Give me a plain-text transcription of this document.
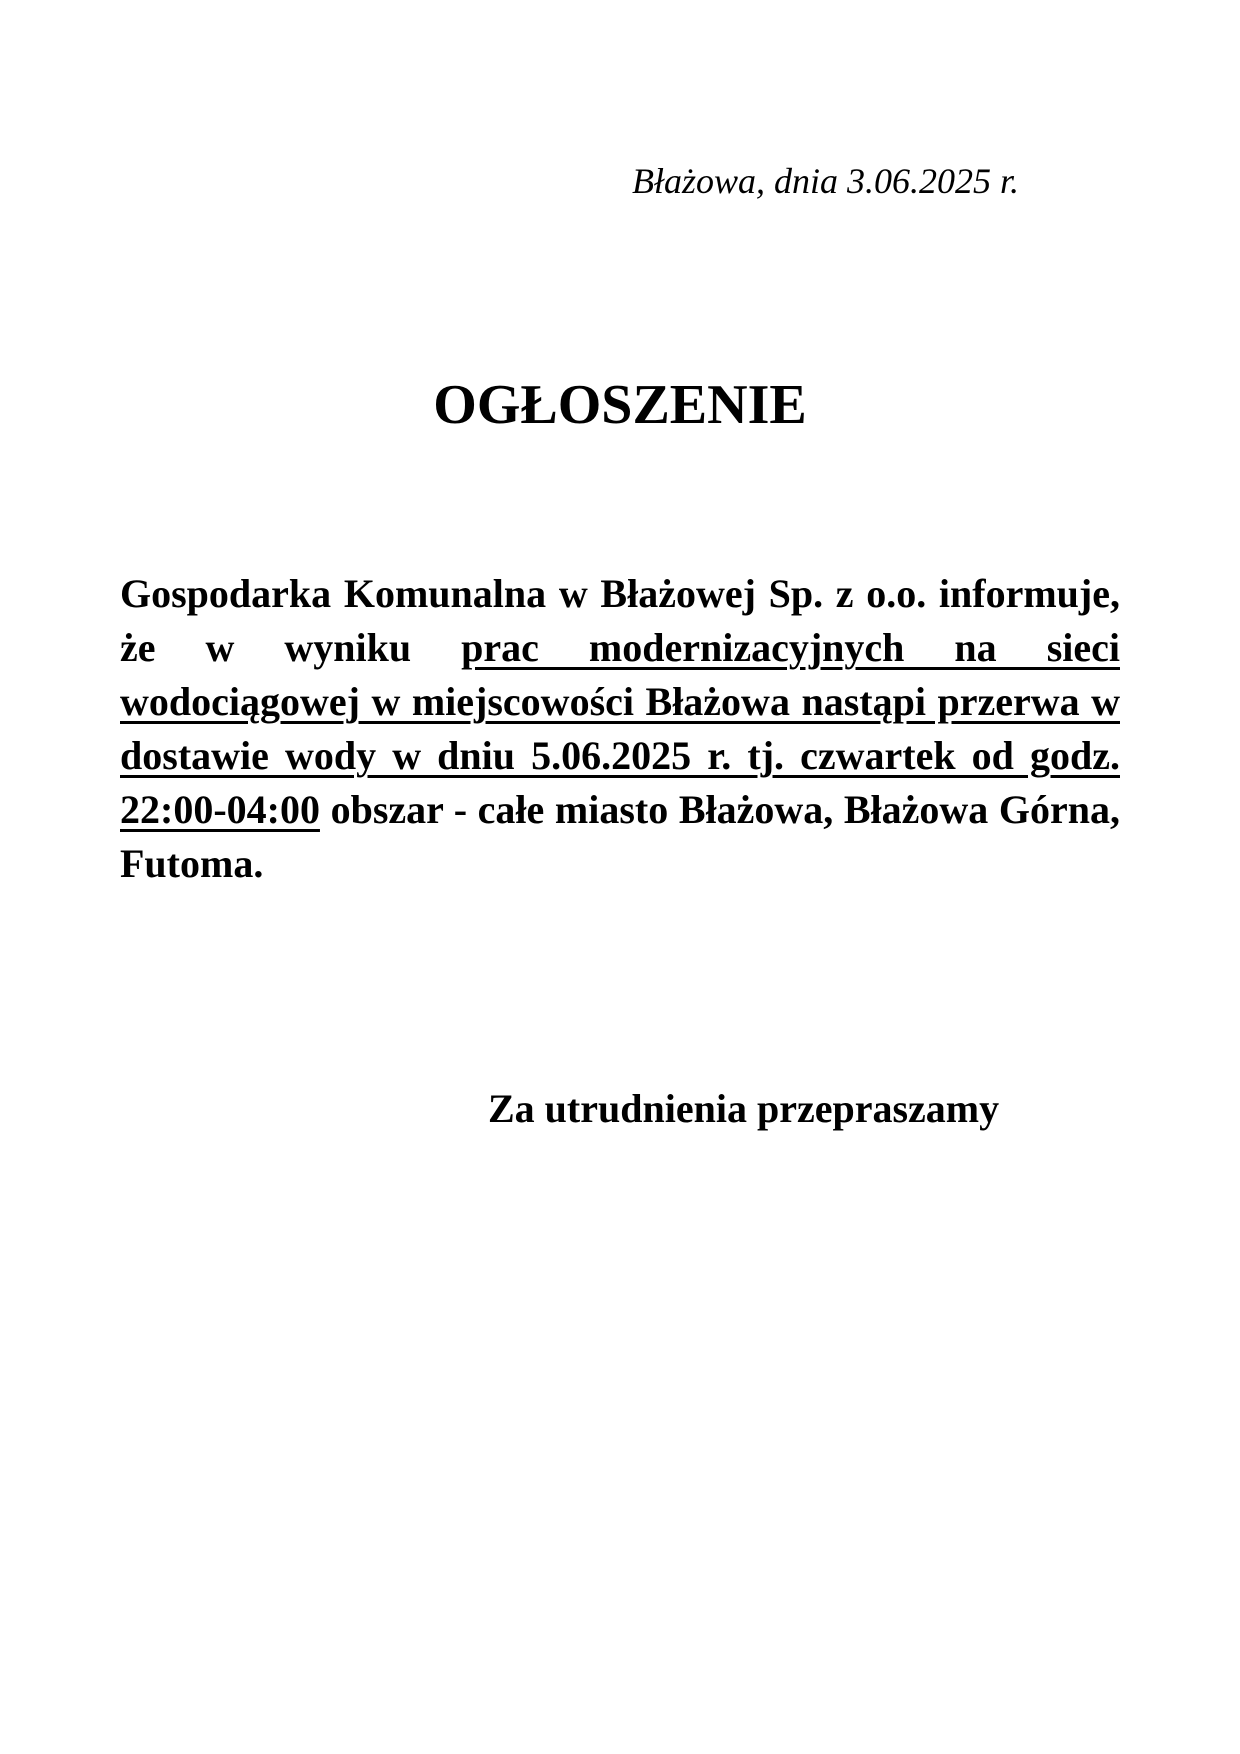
Błażowa, dnia 3.06.2025 r.
OGŁOSZENIE
Gospodarka Komunalna w Błażowej Sp. z o.o. informuje, że w wyniku prac modernizacyjnych na sieci wodociągowej w miejscowości Błażowa nastąpi przerwa w dostawie wody w dniu 5.06.2025 r. tj. czwartek od godz. 22:00-04:00 obszar - całe miasto Błażowa, Błażowa Górna, Futoma.
Za utrudnienia przepraszamy
